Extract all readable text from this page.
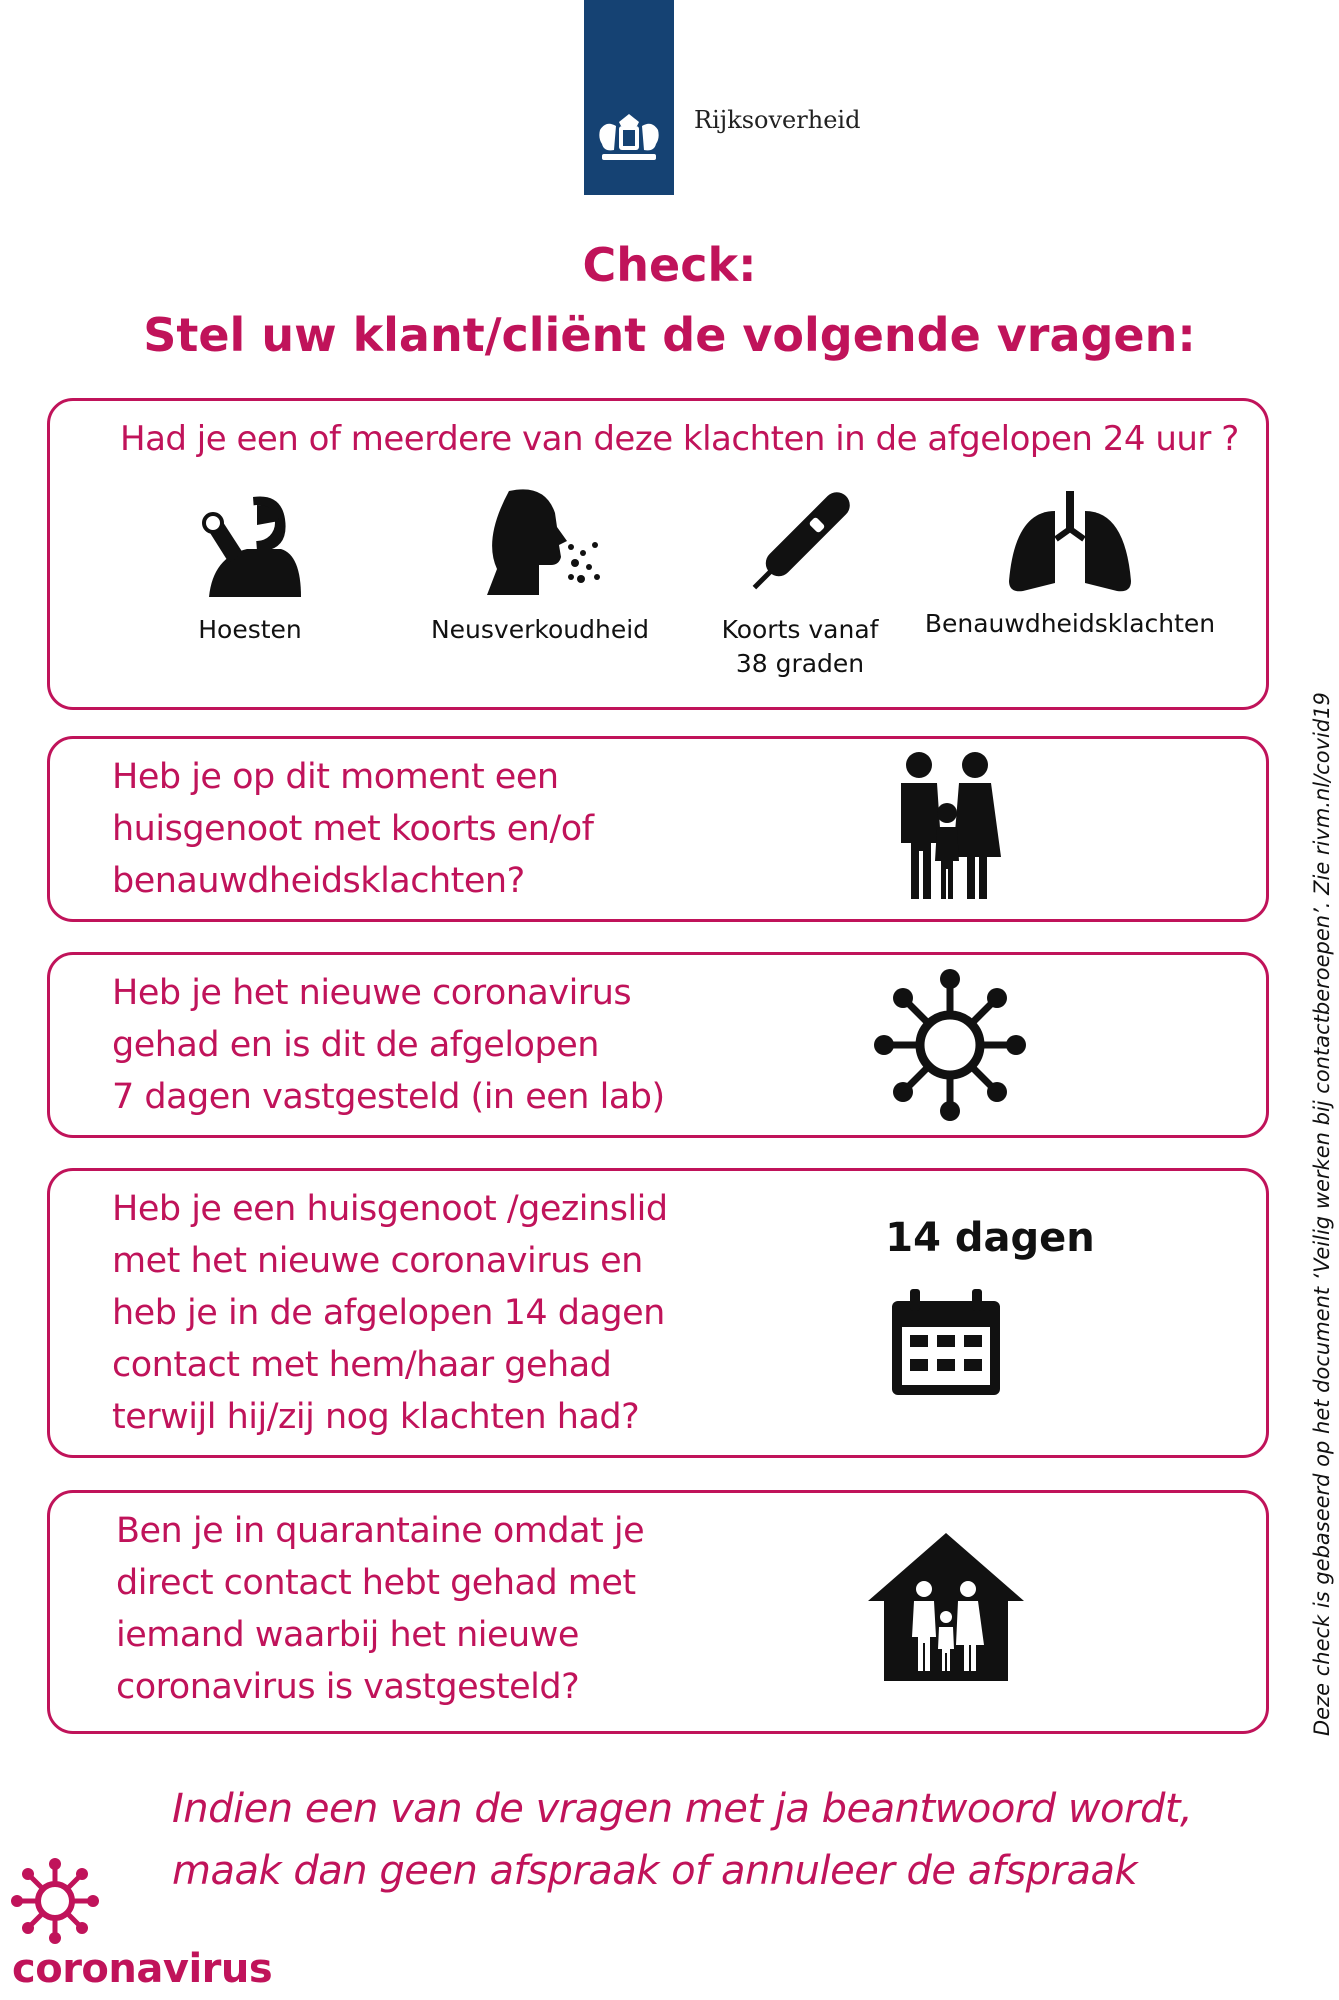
Rijksoverheid
Check:
Stel uw klant/cliënt de volgende vragen:
Had je een of meerdere van deze klachten in de afgelopen 24 uur ?
Hoesten	Neusverkoudheid	Koorts vanaf
38 graden
Benauwdheidsklachten
Heb je op dit moment een
huisgenoot met koorts en/of
benauwdheidsklachten?
Heb je het nieuwe coronavirus
gehad en is dit de afgelopen
7 dagen vastgesteld (in een lab)
Heb je een huisgenoot /gezinslid
met het nieuwe coronavirus en
heb je in de afgelopen 14 dagen
contact met hem/haar gehad
terwijl hij/zij nog klachten had?
14 dagen
Ben je in quarantaine omdat je
direct contact hebt gehad met
iemand waarbij het nieuwe
coronavirus is vastgesteld?
Indien een van de vragen met ja beantwoord wordt,
maak dan geen afspraak of annuleer de afspraak
Deze check is gebaseerd op het document ‘Veilig werken bij contactberoepen’. Zie rivm.nl/covid19
coronavirus
